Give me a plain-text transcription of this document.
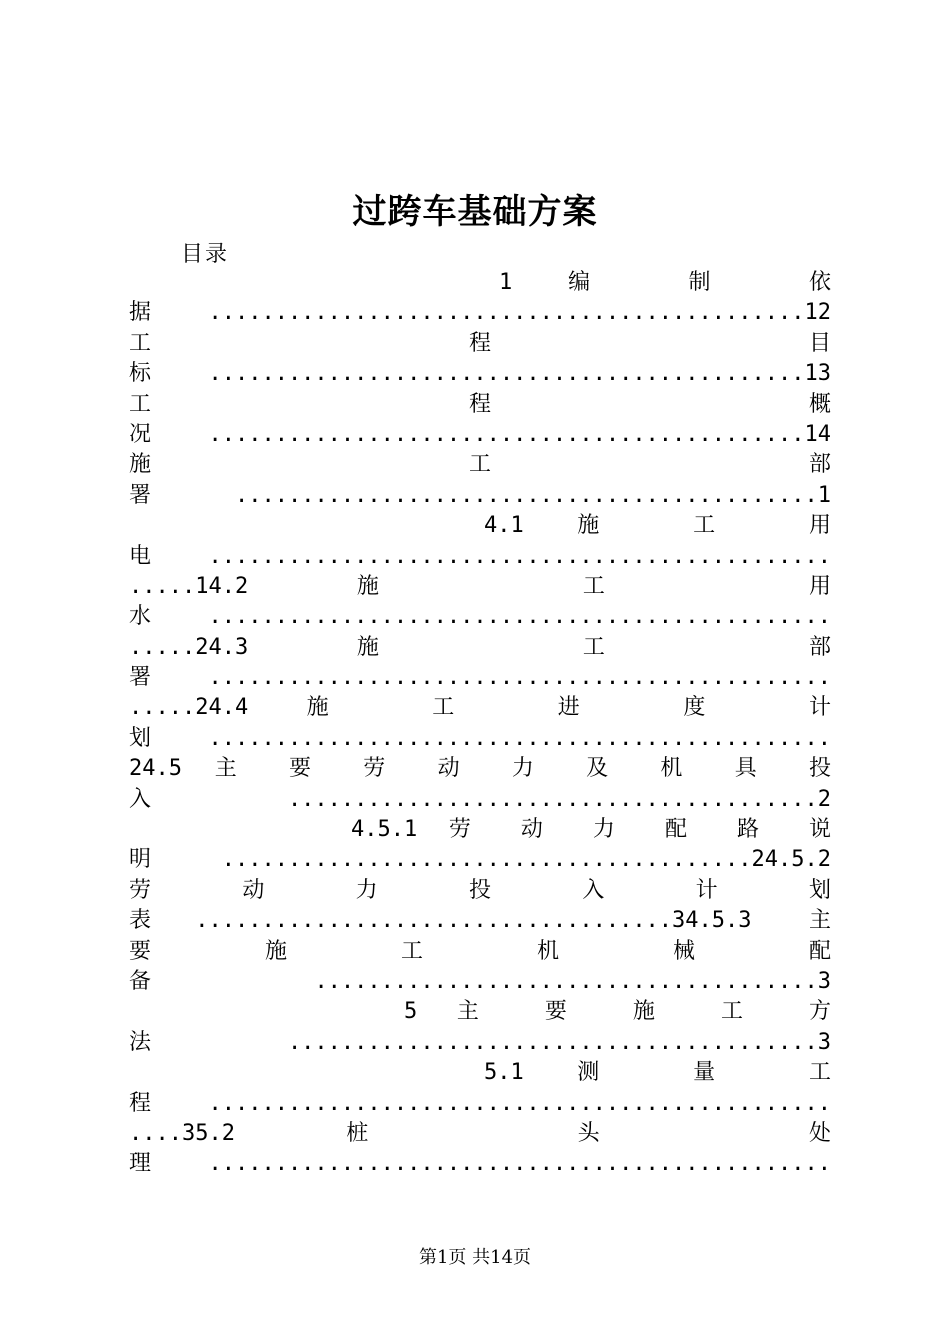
过跨车基础方案
目录
1 编 制 依
据.............................................12
工 程 目
标.............................................13
工 程 概
况.............................................14
施 工 部
署............................................1
4.1 施 工 用
电...............................................
.....14.2 施 工 用
水...............................................
.....24.3 施 工 部
署...............................................
.....24.4 施 工 进 度 计
划...............................................
24.5 主 要 劳 动 力 及 机 具 投
入........................................2
4.5.1 劳 动 力 配 路 说
明 ........................................24.5.2
劳 动 力 投 入 计 划
表....................................34.5.3 主
要 施 工 机 械 配
备......................................3
5 主 要 施 工 方
法........................................3
5.1 测 量 工
程...............................................
....35.2 桩 头 处
理...............................................
第1页 共14页
